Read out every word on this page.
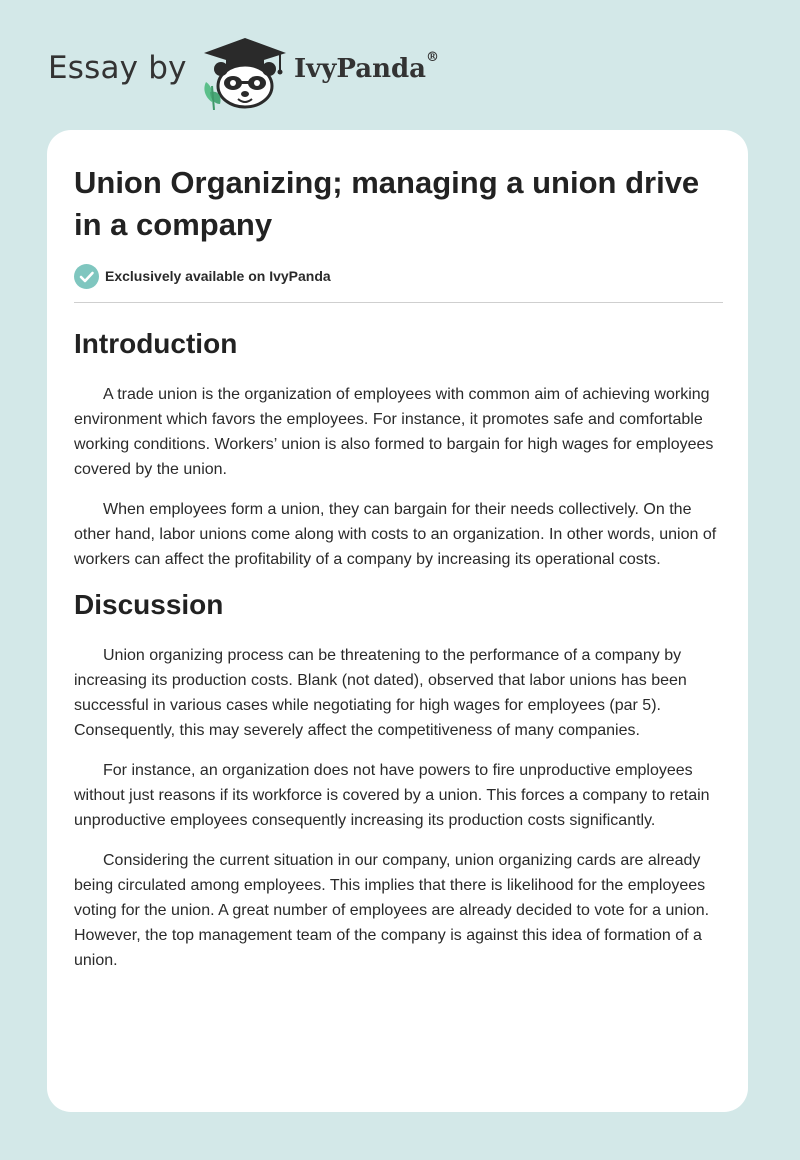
Essay by	IvyPanda®
Union Organizing; managing a union drive in a company
Exclusively available on IvyPanda
Introduction

A trade union is the organization of employees with common aim of achieving working environment which favors the employees. For instance, it promotes safe and comfortable working conditions. Workers’ union is also formed to bargain for high wages for employees covered by the union.

When employees form a union, they can bargain for their needs collectively. On the other hand, labor unions come along with costs to an organization. In other words, union of workers can affect the profitability of a company by increasing its operational costs.

Discussion

Union organizing process can be threatening to the performance of a company by increasing its production costs. Blank (not dated), observed that labor unions has been successful in various cases while negotiating for high wages for employees (par 5). Consequently, this may severely affect the competitiveness of many companies.

For instance, an organization does not have powers to fire unproductive employees without just reasons if its workforce is covered by a union. This forces a company to retain unproductive employees consequently increasing its production costs significantly.

Considering the current situation in our company, union organizing cards are already being circulated among employees. This implies that there is likelihood for the employees voting for the union. A great number of employees are already decided to vote for a union. However, the top management team of the company is against this idea of formation of a union.
